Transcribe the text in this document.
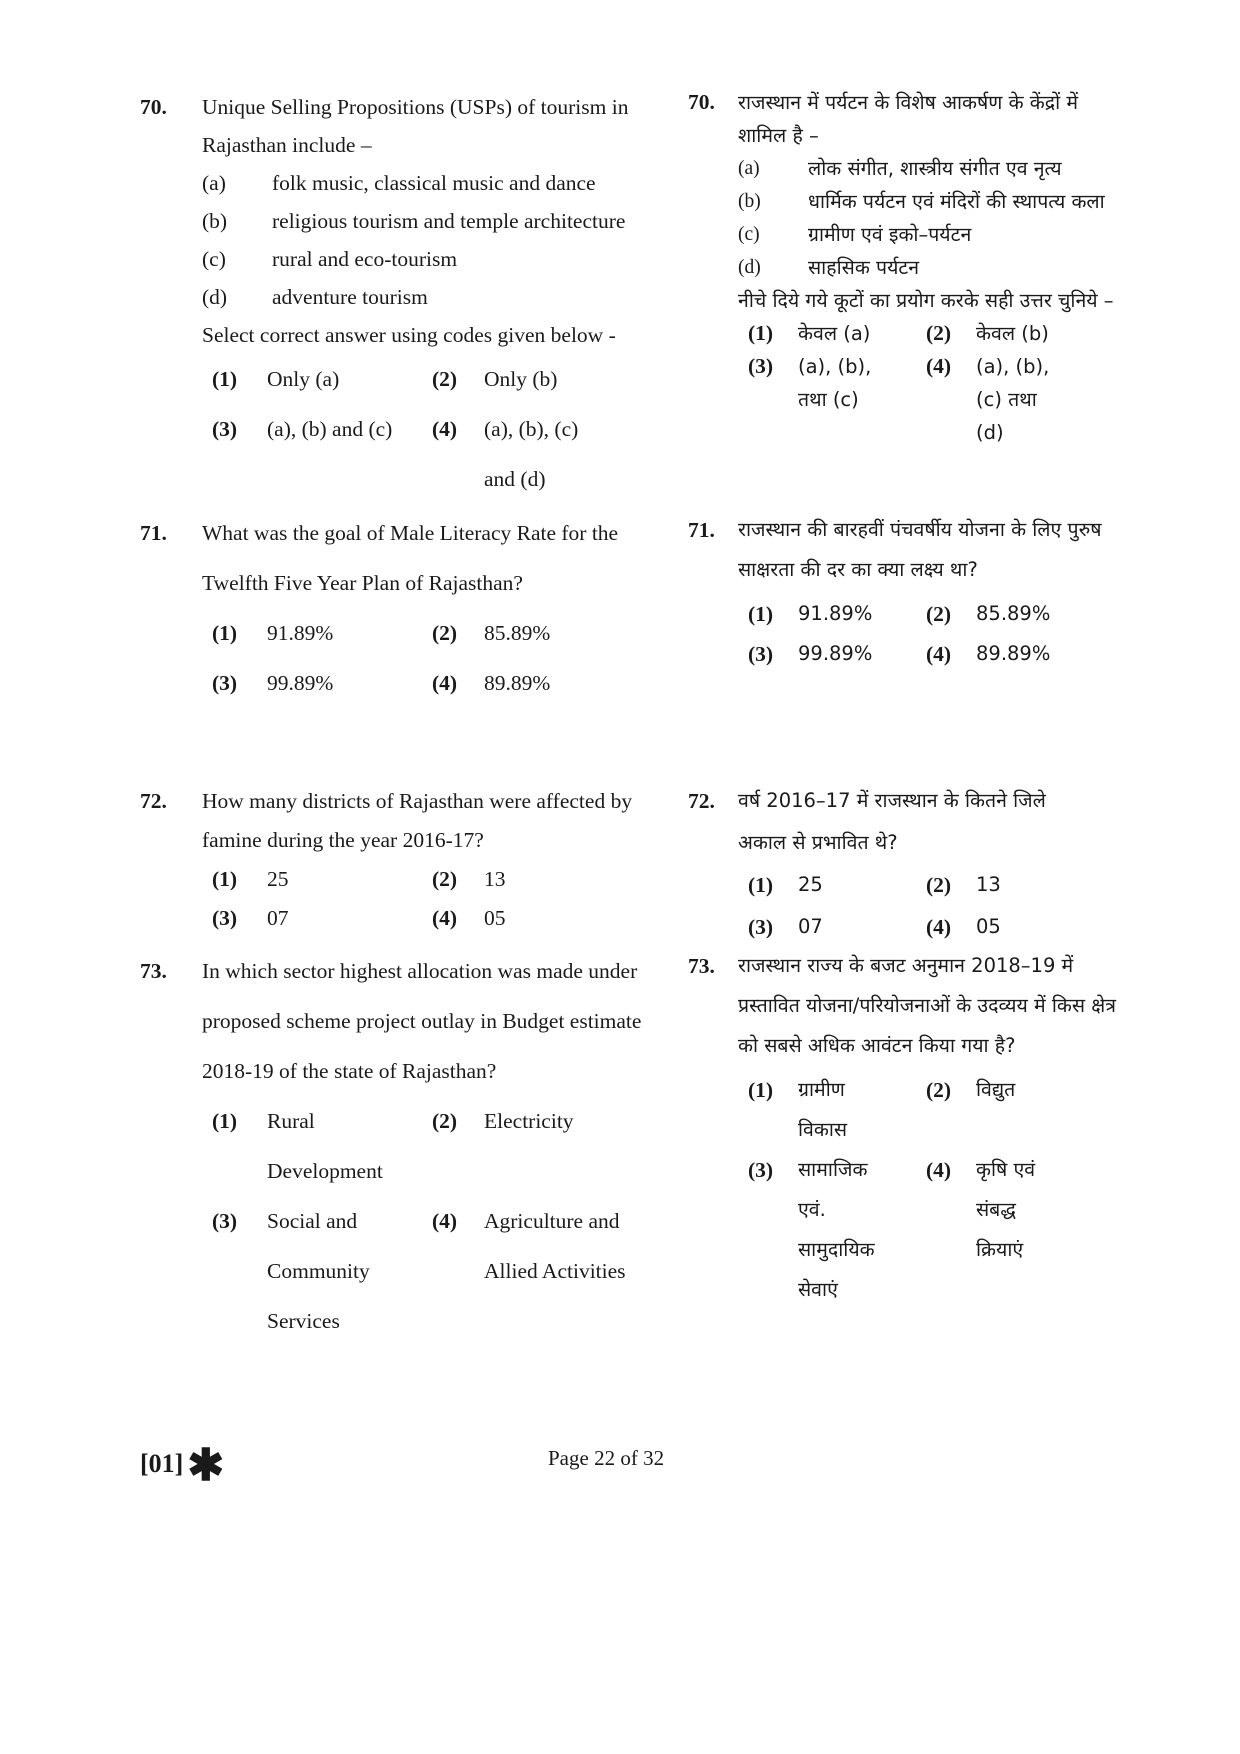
70.	Unique Selling Propositions (USPs) of tourism in Rajasthan include –
(a)	folk music, classical music and dance
(b)	religious tourism and temple architecture
(c)	rural and eco-tourism
(d)	adventure tourism
Select correct answer using codes given below -
(1)	Only (a)	(2)	Only (b)
(3)	(a), (b) and (c)	(4)	(a), (b), (c) and (d)
71.	What was the goal of Male Literacy Rate for the Twelfth Five Year Plan of Rajasthan?
(1)	91.89%	(2)	85.89%
(3)	99.89%	(4)	89.89%
72.	How many districts of Rajasthan were affected by famine during the year 2016-17?
(1)	25	(2)	13
(3)	07	(4)	05
73.	In which sector highest allocation was made under proposed scheme project outlay in Budget estimate 2018-19 of the state of Rajasthan?
(1)	Rural Development
(2)	Electricity
(3)	Social and Community Services
(4)	Agriculture and Allied Activities
70.	राजस्थान में पर्यटन के विशेष आकर्षण के केंद्रों में शामिल है –
(a)	लोक संगीत, शास्त्रीय संगीत एव नृत्य
(b)	धार्मिक पर्यटन एवं मंदिरों की स्थापत्य कला
(c)	ग्रामीण एवं इको–पर्यटन
(d)	साहसिक पर्यटन
नीचे दिये गये कूटों का प्रयोग करके सही उत्तर चुनिये –
(1)	केवल (a)	(2)	केवल (b)
(3)	(a), (b), तथा (c)
(4)	(a), (b), (c) तथा (d)
71.	राजस्थान की बारहवीं पंचवर्षीय योजना के लिए पुरुष साक्षरता की दर का क्या लक्ष्य था?
(1)	91.89%	(2)	85.89%
(3)	99.89%	(4)	89.89%
72.	वर्ष 2016–17 में राजस्थान के कितने जिले अकाल से प्रभावित थे?
(1)	25	(2)	13
(3)	07	(4)	05
73.	राजस्थान राज्य के बजट अनुमान 2018–19 में प्रस्तावित योजना/परियोजनाओं के उदव्यय में किस क्षेत्र को सबसे अधिक आवंटन किया गया है?
(1)	ग्रामीण विकास
(2)	विद्युत
(3)	सामाजिक एवं. सामुदायिक सेवाएं
(4)	कृषि एवं संबद्ध क्रियाएं
[01]✱	Page 22 of 32
